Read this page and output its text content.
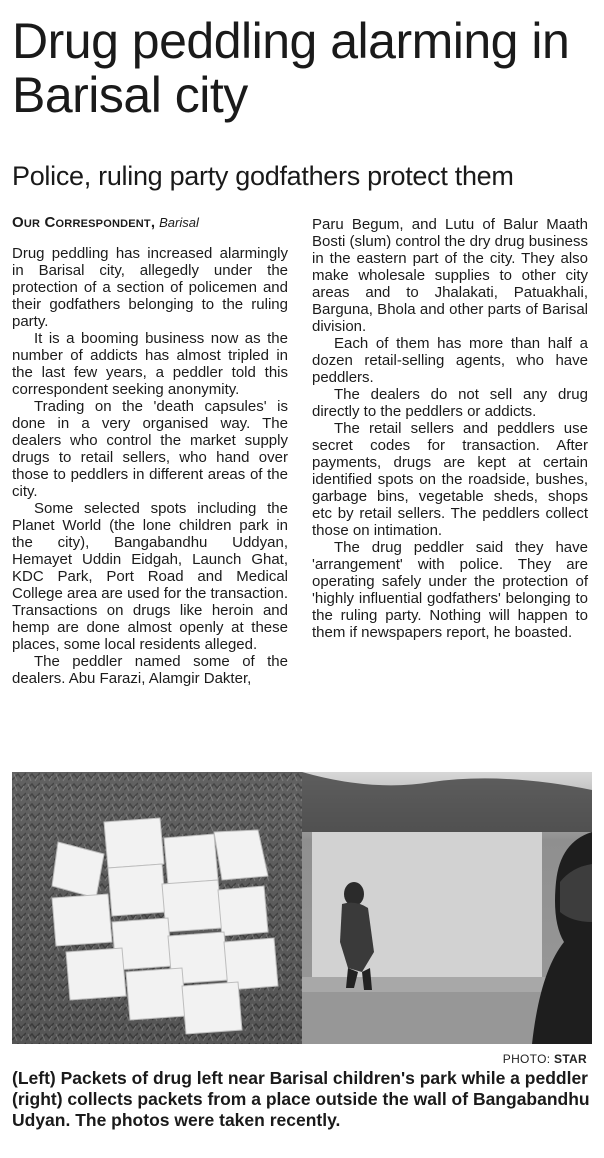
Drug peddling alarming in Barisal city
Police, ruling party godfathers protect them
Our Correspondent, Barisal

Drug peddling has increased alarmingly in Barisal city, allegedly under the protection of a section of policemen and their godfathers belonging to the ruling party.

It is a booming business now as the number of addicts has almost tripled in the last few years, a peddler told this correspondent seeking anonymity.

Trading on the 'death capsules' is done in a very organised way. The dealers who control the market supply drugs to retail sellers, who hand over those to peddlers in different areas of the city.

Some selected spots including the Planet World (the lone children park in the city), Bangabandhu Uddyan, Hemayet Uddin Eidgah, Launch Ghat, KDC Park, Port Road and Medical College area are used for the transaction. Transactions on drugs like heroin and hemp are done almost openly at these places, some local residents alleged.

The peddler named some of the dealers. Abu Farazi, Alamgir Dakter,

Paru Begum, and Lutu of Balur Maath Bosti (slum) control the dry drug business in the eastern part of the city. They also make wholesale supplies to other city areas and to Jhalakati, Patuakhali, Barguna, Bhola and other parts of Barisal division.

Each of them has more than half a dozen retail-selling agents, who have peddlers.

The dealers do not sell any drug directly to the peddlers or addicts.

The retail sellers and peddlers use secret codes for transaction. After payments, drugs are kept at certain identified spots on the roadside, bushes, garbage bins, vegetable sheds, shops etc by retail sellers. The peddlers collect those on intimation.

The drug peddler said they have 'arrangement' with police. They are operating safely under the protection of 'highly influential godfathers' belonging to the ruling party. Nothing will happen to them if newspapers report, he boasted.

PHOTO: STAR
(Left) Packets of drug left near Barisal children's park while a peddler (right) collects packets from a place outside the wall of Bangabandhu Udyan. The photos were taken recently.
